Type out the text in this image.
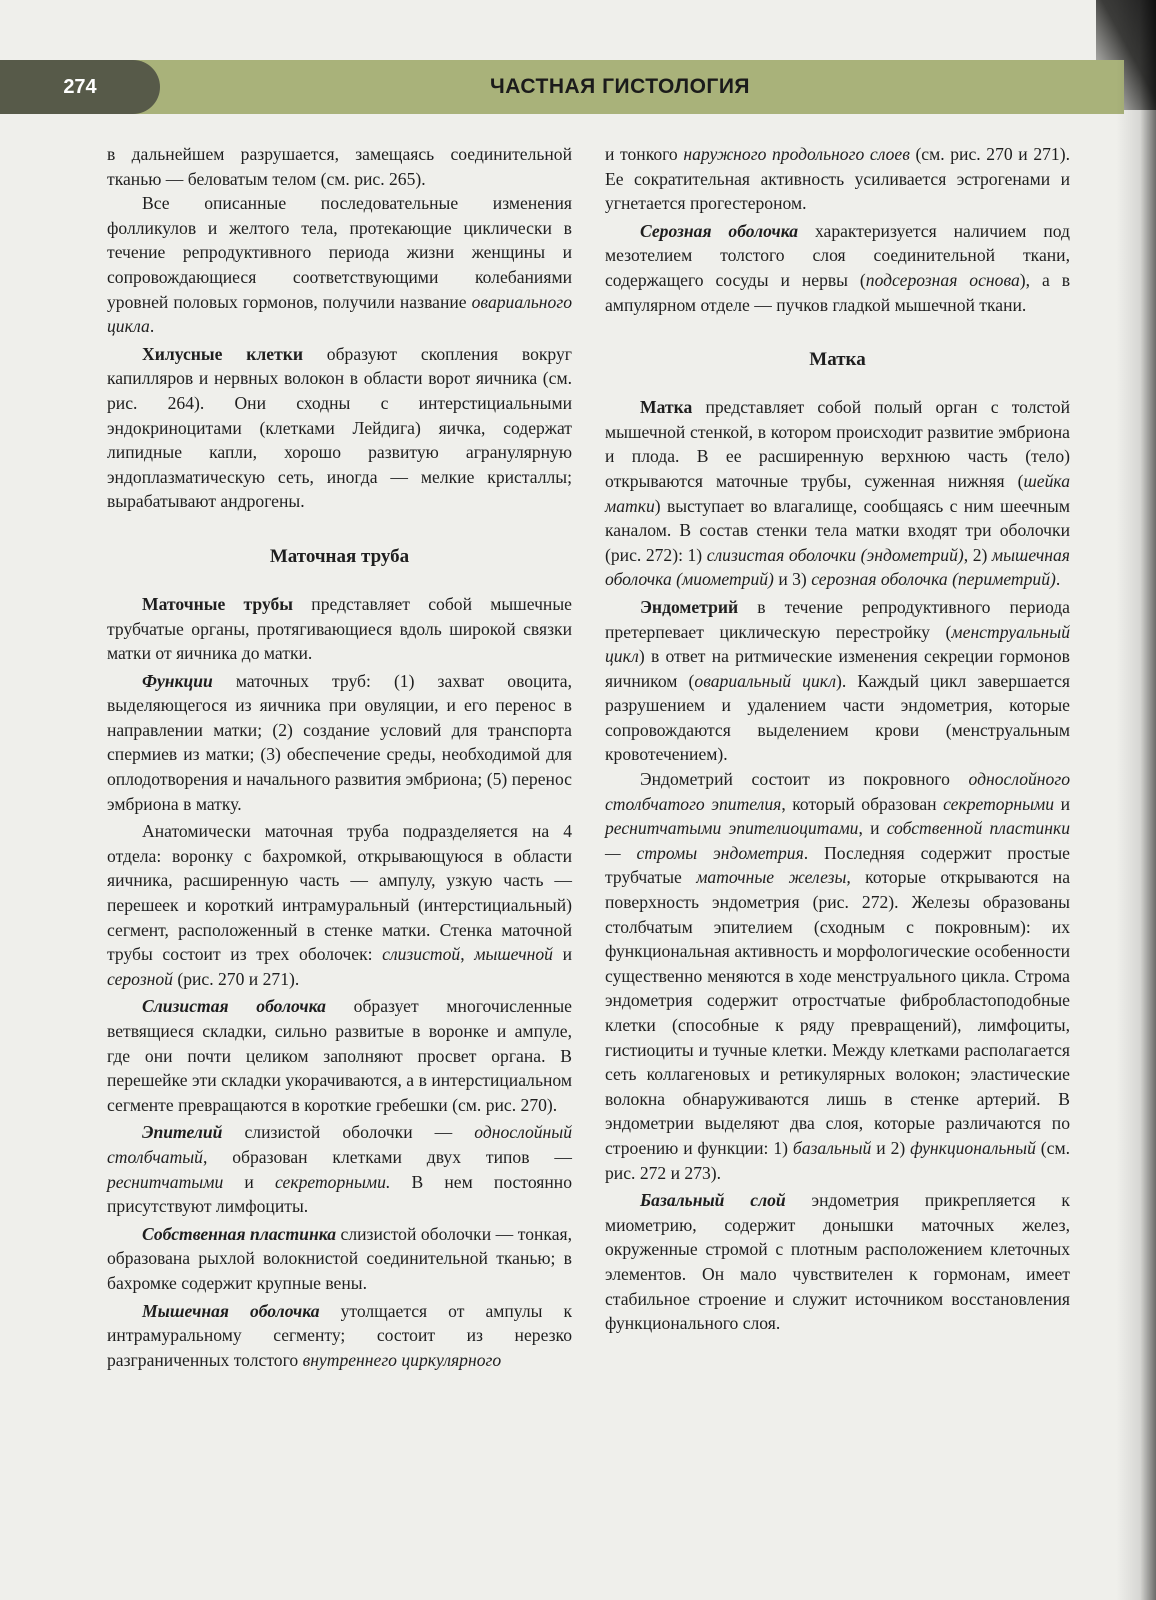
274	ЧАСТНАЯ ГИСТОЛОГИЯ

в дальнейшем разрушается, замещаясь соединительной тканью — беловатым телом (см. рис. 265).

Все описанные последовательные изменения фолликулов и желтого тела, протекающие циклически в течение репродуктивного периода жизни женщины и сопровождающиеся соответствующими колебаниями уровней половых гормонов, получили название овариального цикла.

Хилусные клетки образуют скопления вокруг капилляров и нервных волокон в области ворот яичника (см. рис. 264). Они сходны с интерстициальными эндокриноцитами (клетками Лейдига) яичка, содержат липидные капли, хорошо развитую агранулярную эндоплазматическую сеть, иногда — мелкие кристаллы; вырабатывают андрогены.

Маточная труба

Маточные трубы представляет собой мышечные трубчатые органы, протягивающиеся вдоль широкой связки матки от яичника до матки.

Функции маточных труб: (1) захват овоцита, выделяющегося из яичника при овуляции, и его перенос в направлении матки; (2) создание условий для транспорта спермиев из матки; (3) обеспечение среды, необходимой для оплодотворения и начального развития эмбриона; (5) перенос эмбриона в матку.

Анатомически маточная труба подразделяется на 4 отдела: воронку с бахромкой, открывающуюся в области яичника, расширенную часть — ампулу, узкую часть — перешеек и короткий интрамуральный (интерстициальный) сегмент, расположенный в стенке матки. Стенка маточной трубы состоит из трех оболочек: слизистой, мышечной и серозной (рис. 270 и 271).

Слизистая оболочка образует многочисленные ветвящиеся складки, сильно развитые в воронке и ампуле, где они почти целиком заполняют просвет органа. В перешейке эти складки укорачиваются, а в интерстициальном сегменте превращаются в короткие гребешки (см. рис. 270).

Эпителий слизистой оболочки — однослойный столбчатый, образован клетками двух типов — реснитчатыми и секреторными. В нем постоянно присутствуют лимфоциты.

Собственная пластинка слизистой оболочки — тонкая, образована рыхлой волокнистой соединительной тканью; в бахромке содержит крупные вены.

Мышечная оболочка утолщается от ампулы к интрамуральному сегменту; состоит из нерезко разграниченных толстого внутреннего циркулярного

и тонкого наружного продольного слоев (см. рис. 270 и 271). Ее сократительная активность усиливается эстрогенами и угнетается прогестероном.

Серозная оболочка характеризуется наличием под мезотелием толстого слоя соединительной ткани, содержащего сосуды и нервы (подсерозная основа), а в ампулярном отделе — пучков гладкой мышечной ткани.

Матка

Матка представляет собой полый орган с толстой мышечной стенкой, в котором происходит развитие эмбриона и плода. В ее расширенную верхнюю часть (тело) открываются маточные трубы, суженная нижняя (шейка матки) выступает во влагалище, сообщаясь с ним шеечным каналом. В состав стенки тела матки входят три оболочки (рис. 272): 1) слизистая оболочки (эндометрий), 2) мышечная оболочка (миометрий) и 3) серозная оболочка (периметрий).

Эндометрий в течение репродуктивного периода претерпевает циклическую перестройку (менструальный цикл) в ответ на ритмические изменения секреции гормонов яичником (овариальный цикл). Каждый цикл завершается разрушением и удалением части эндометрия, которые сопровождаются выделением крови (менструальным кровотечением).

Эндометрий состоит из покровного однослойного столбчатого эпителия, который образован секреторными и реснитчатыми эпителиоцитами, и собственной пластинки — стромы эндометрия. Последняя содержит простые трубчатые маточные железы, которые открываются на поверхность эндометрия (рис. 272). Железы образованы столбчатым эпителием (сходным с покровным): их функциональная активность и морфологические особенности существенно меняются в ходе менструального цикла. Строма эндометрия содержит отростчатые фибробластоподобные клетки (способные к ряду превращений), лимфоциты, гистиоциты и тучные клетки. Между клетками располагается сеть коллагеновых и ретикулярных волокон; эластические волокна обнаруживаются лишь в стенке артерий. В эндометрии выделяют два слоя, которые различаются по строению и функции: 1) базальный и 2) функциональный (см. рис. 272 и 273).

Базальный слой эндометрия прикрепляется к миометрию, содержит донышки маточных желез, окруженные стромой с плотным расположением клеточных элементов. Он мало чувствителен к гормонам, имеет стабильное строение и служит источником восстановления функционального слоя.
